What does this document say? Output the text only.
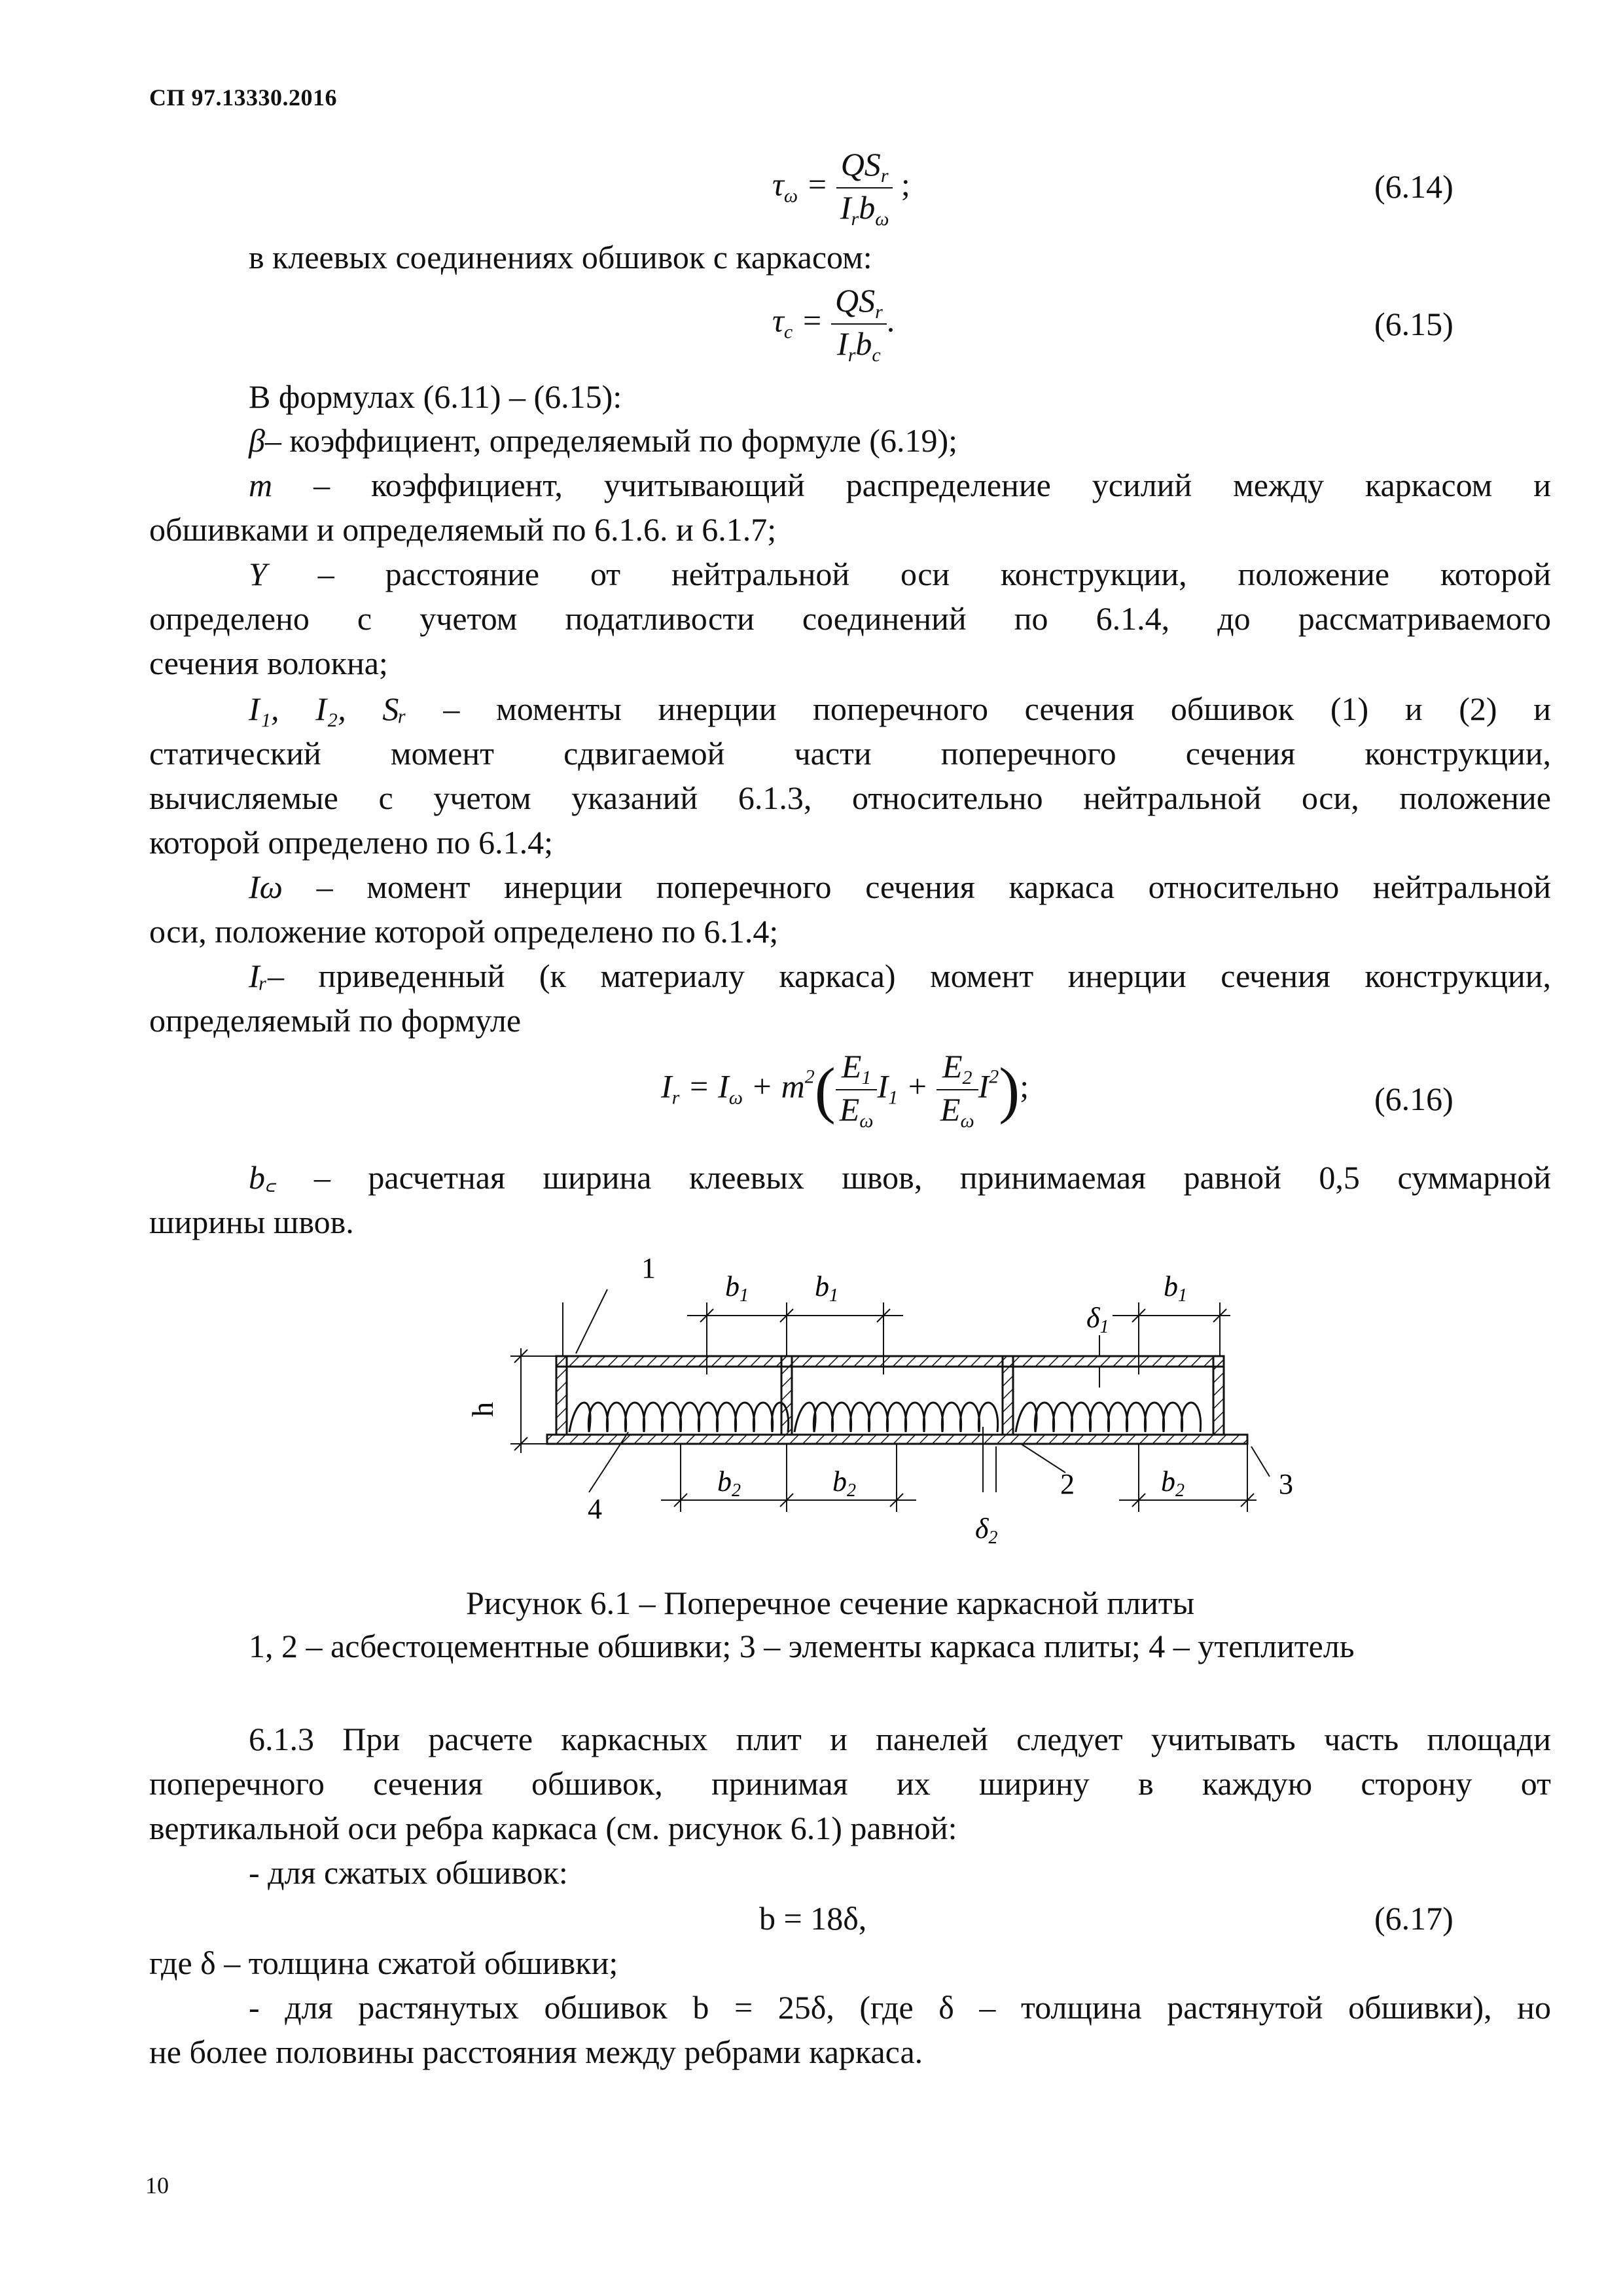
СП 97.13330.2016
$\tau_\omega = \frac{QS_r}{I_rb_\omega}$ ;	(6.14)
в клеевых соединениях обшивок с каркасом:
$\tau_c = \frac{QS_r}{I_rb_c}$ .	(6.15)
В формулах (6.11) – (6.15):
β– коэффициент, определяемый по формуле (6.19);
m – коэффициент, учитывающий распределение усилий между каркасом и
обшивками и определяемый по 6.1.6. и 6.1.7;
Y – расстояние от нейтральной оси конструкции, положение которой
определено с учетом податливости соединений по 6.1.4, до рассматриваемого
сечения волокна;
I₁, I₂, Sᵣ – моменты инерции поперечного сечения обшивок (1) и (2) и
статический момент сдвигаемой части поперечного сечения конструкции,
вычисляемые с учетом указаний 6.1.3, относительно нейтральной оси, положение
которой определено по 6.1.4;
Iω – момент инерции поперечного сечения каркаса относительно нейтральной
оси, положение которой определено по 6.1.4;
Iᵣ– приведенный (к материалу каркаса) момент инерции сечения конструкции,
определяемый по формуле
$I_r = I_\omega + m^2( \frac{E_1}{E_\omega} I_1 + \frac{E_2}{E_\omega} I^2)$;	(6.16)
b꜀ – расчетная ширина клеевых швов, принимаемая равной 0,5 суммарной
ширины швов.
h
1
b1 b1	b1
δ1
4
b2	b2
δ2
2	b2	3
Рисунок 6.1 – Поперечное сечение каркасной плиты
1, 2 – асбестоцементные обшивки; 3 – элементы каркаса плиты; 4 – утеплитель
6.1.3 При расчете каркасных плит и панелей следует учитывать часть площади
поперечного сечения обшивок, принимая их ширину в каждую сторону от
вертикальной оси ребра каркаса (см. рисунок 6.1) равной:
- для сжатых обшивок:
b = 18δ,	(6.17)
где δ – толщина сжатой обшивки;
- для растянутых обшивок b = 25δ, (где δ – толщина растянутой обшивки), но
не более половины расстояния между ребрами каркаса.
10
